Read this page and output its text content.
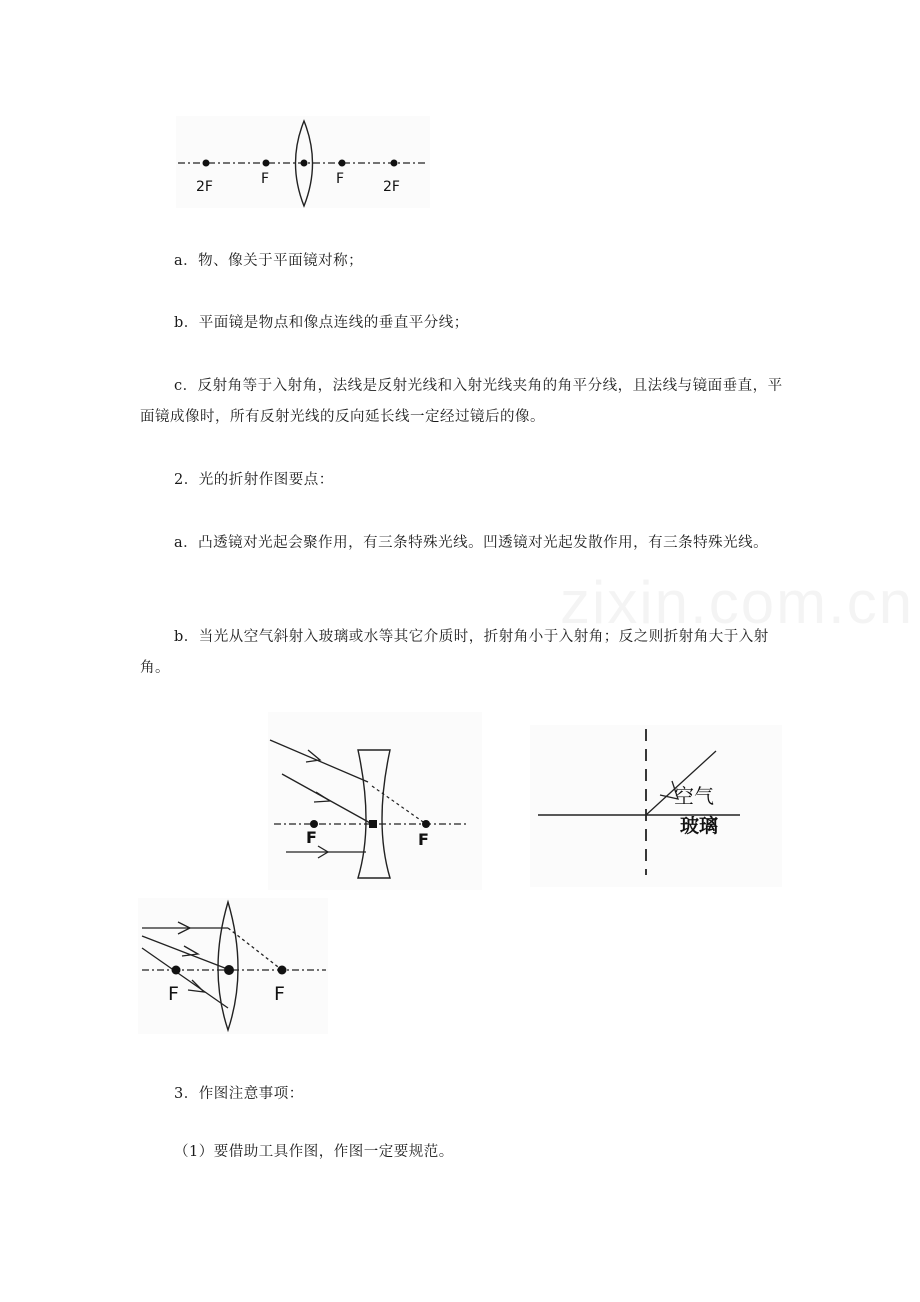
2F	F	F	2F

a．物、像关于平面镜对称；

b．平面镜是物点和像点连线的垂直平分线；

c．反射角等于入射角，法线是反射光线和入射光线夹角的角平分线，且法线与镜面垂直，平面镜成像时，所有反射光线的反向延长线一定经过镜后的像。

2．光的折射作图要点：

a．凸透镜对光起会聚作用，有三条特殊光线。凹透镜对光起发散作用，有三条特殊光线。

b．当光从空气斜射入玻璃或水等其它介质时，折射角小于入射角；反之则折射角大于入射角。

F	F
空气
玻璃
F	F

3．作图注意事项：

（1）要借助工具作图，作图一定要规范。
